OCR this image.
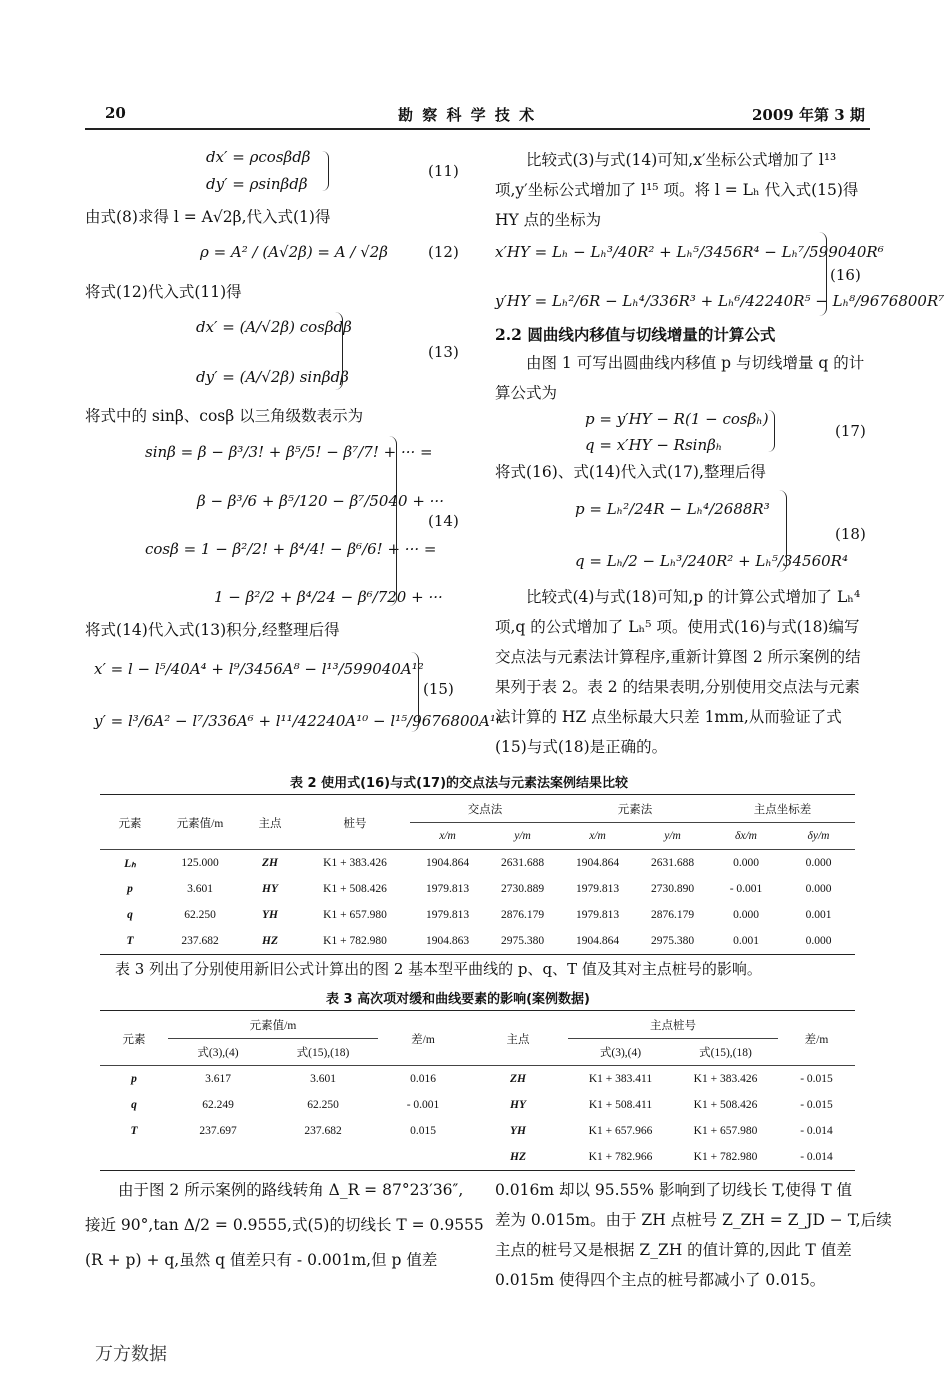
20	勘 察 科 学 技 术	2009 年第 3 期
dx′ = ρcosβdβ
dy′ = ρsinβdβ
(11)
由式(8)求得 l = A√2β,代入式(1)得
ρ = A² / (A√2β) = A / √2β	(12)
将式(12)代入式(11)得
dx′ = (A/√2β) cosβdβ
dy′ = (A/√2β) sinβdβ
(13)
将式中的 sinβ、cosβ 以三角级数表示为
sinβ = β − β³/3! + β⁵/5! − β⁷/7! + ··· =
β − β³/6 + β⁵/120 − β⁷/5040 + ···
cosβ = 1 − β²/2! + β⁴/4! − β⁶/6! + ··· =
1 − β²/2 + β⁴/24 − β⁶/720 + ···
(14)
将式(14)代入式(13)积分,经整理后得
x′ = l − l⁵/40A⁴ + l⁹/3456A⁸ − l¹³/599040A¹²
y′ = l³/6A² − l⁷/336A⁶ + l¹¹/42240A¹⁰ − l¹⁵/9676800A¹⁴
(15)
比较式(3)与式(14)可知,x′坐标公式增加了 l¹³ 项,y′坐标公式增加了 l¹⁵ 项。将 l = Lₕ 代入式(15)得 HY 点的坐标为
x′HY = Lₕ − Lₕ³/40R² + Lₕ⁵/3456R⁴ − Lₕ⁷/599040R⁶
y′HY = Lₕ²/6R − Lₕ⁴/336R³ + Lₕ⁶/42240R⁵ − Lₕ⁸/9676800R⁷
(16)
2.2 圆曲线内移值与切线增量的计算公式
由图 1 可写出圆曲线内移值 p 与切线增量 q 的计算公式为
p = y′HY − R(1 − cosβₕ)
q = x′HY − Rsinβₕ
(17)
将式(16)、式(14)代入式(17),整理后得
p = Lₕ²/24R − Lₕ⁴/2688R³
q = Lₕ/2 − Lₕ³/240R² + Lₕ⁵/34560R⁴
(18)
比较式(4)与式(18)可知,p 的计算公式增加了 Lₕ⁴ 项,q 的公式增加了 Lₕ⁵ 项。使用式(16)与式(18)编写交点法与元素法计算程序,重新计算图 2 所示案例的结果列于表 2。表 2 的结果表明,分别使用交点法与元素法计算的 HZ 点坐标最大只差 1mm,从而验证了式(15)与式(18)是正确的。
表 2 使用式(16)与式(17)的交点法与元素法案例结果比较
元素	元素值/m	主点	桩号	交点法		元素法		主点坐标差	
				x/m	y/m	x/m	y/m	δx/m	δy/m
Lₕ	125.000	ZH	K1 + 383.426	1904.864	2631.688	1904.864	2631.688	0.000	0.000
p	3.601	HY	K1 + 508.426	1979.813	2730.889	1979.813	2730.890	- 0.001	0.000
q	62.250	YH	K1 + 657.980	1979.813	2876.179	1979.813	2876.179	0.000	0.001
T	237.682	HZ	K1 + 782.980	1904.863	2975.380	1904.864	2975.380	0.001	0.000
表 3 列出了分别使用新旧公式计算出的图 2 基本型平曲线的 p、q、T 值及其对主点桩号的影响。
表 3 高次项对缓和曲线要素的影响(案例数据)
元素	元素值/m		差/m	主点	主点桩号		差/m
	式(3),(4)	式(15),(18)			式(3),(4)	式(15),(18)	
p	3.617	3.601	0.016	ZH	K1 + 383.411	K1 + 383.426	- 0.015
q	62.249	62.250	- 0.001	HY	K1 + 508.411	K1 + 508.426	- 0.015
T	237.697	237.682	0.015	YH	K1 + 657.966	K1 + 657.980	- 0.014
				HZ	K1 + 782.966	K1 + 782.980	- 0.014
由于图 2 所示案例的路线转角 Δ_R = 87°23′36″,
接近 90°,tan Δ/2 = 0.9555,式(5)的切线长 T = 0.9555
(R + p) + q,虽然 q 值差只有 - 0.001m,但 p 值差
0.016m 却以 95.55% 影响到了切线长 T,使得 T 值
差为 0.015m。由于 ZH 点桩号 Z_ZH = Z_JD − T,后续
主点的桩号又是根据 Z_ZH 的值计算的,因此 T 值差
0.015m 使得四个主点的桩号都减小了 0.015。
万方数据
